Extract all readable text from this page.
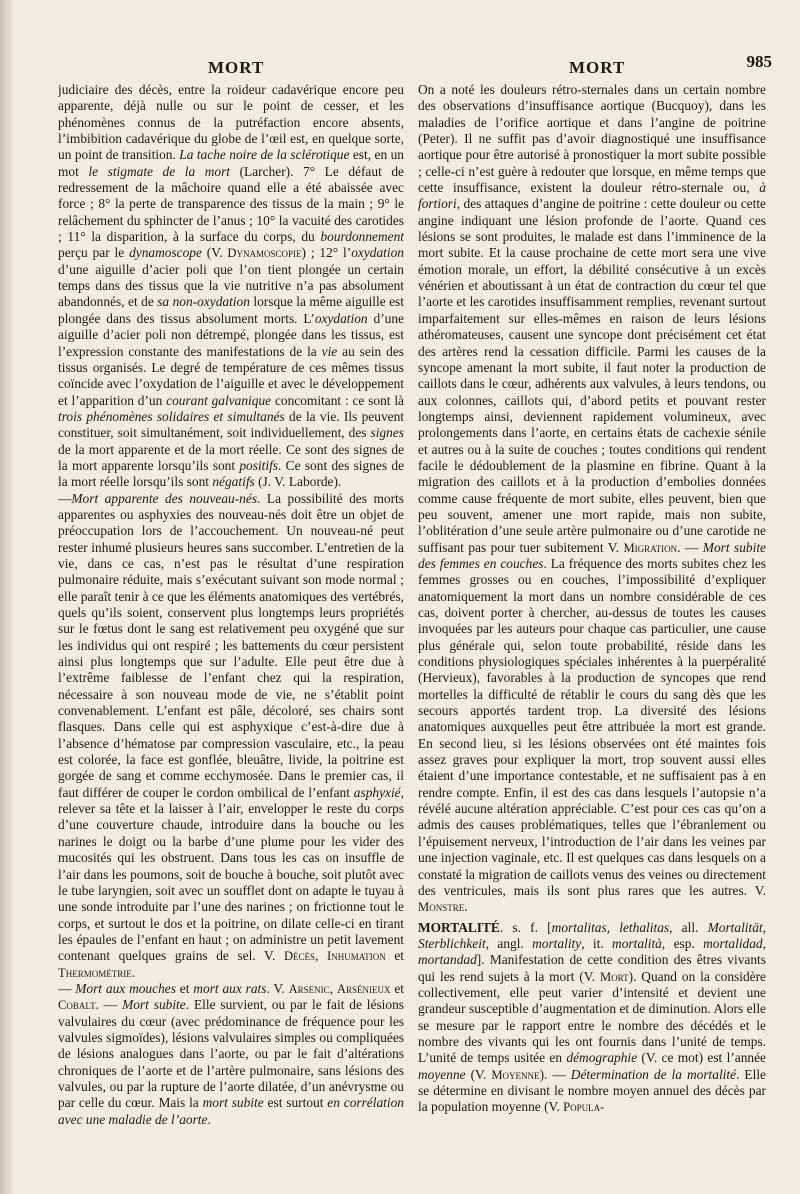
MORT	MORT	985

judiciaire des décès, entre la roideur cadavérique encore peu apparente, déjà nulle ou sur le point de cesser, et les phénomènes connus de la putréfaction encore absents, l’imbibition cadavérique du globe de l’œil est, en quelque sorte, un point de transition. La tache noire de la sclérotique est, en un mot le stigmate de la mort (Larcher). 7° Le défaut de redressement de la mâchoire quand elle a été abaissée avec force ; 8° la perte de transparence des tissus de la main ; 9° le relâchement du sphincter de l’anus ; 10° la vacuité des carotides ; 11° la disparition, à la surface du corps, du bourdonnement perçu par le dynamoscope (V. Dynamoscopie) ; 12° l’oxydation d’une aiguille d’acier poli que l’on tient plongée un certain temps dans des tissus que la vie nutritive n’a pas absolument abandonnés, et de sa non-oxydation lorsque la même aiguille est plongée dans des tissus absolument morts. L’oxydation d’une aiguille d’acier poli non détrempé, plongée dans les tissus, est l’expression constante des manifestations de la vie au sein des tissus organisés. Le degré de température de ces mêmes tissus coïncide avec l’oxydation de l’aiguille et avec le développement et l’apparition d’un courant galvanique concomitant : ce sont là trois phénomènes solidaires et simultanés de la vie. Ils peuvent constituer, soit simultanément, soit individuellement, des signes de la mort apparente et de la mort réelle. Ce sont des signes de la mort apparente lorsqu’ils sont positifs. Ce sont des signes de la mort réelle lorsqu’ils sont négatifs (J. V. Laborde).

—Mort apparente des nouveau-nés. La possibilité des morts apparentes ou asphyxies des nouveau-nés doit être un objet de préoccupation lors de l’accouchement. Un nouveau-né peut rester inhumé plusieurs heures sans succomber. L’entretien de la vie, dans ce cas, n’est pas le résultat d’une respiration pulmonaire réduite, mais s’exécutant suivant son mode normal ; elle paraît tenir à ce que les éléments anatomiques des vertébrés, quels qu’ils soient, conservent plus longtemps leurs propriétés sur le fœtus dont le sang est relativement peu oxygéné que sur les individus qui ont respiré ; les battements du cœur persistent ainsi plus longtemps que sur l’adulte. Elle peut être due à l’extrême faiblesse de l’enfant chez qui la respiration, nécessaire à son nouveau mode de vie, ne s’établit point convenablement. L’enfant est pâle, décoloré, ses chairs sont flasques. Dans celle qui est asphyxique c’est-à-dire due à l’absence d’hématose par compression vasculaire, etc., la peau est colorée, la face est gonflée, bleuâtre, livide, la poitrine est gorgée de sang et comme ecchymosée. Dans le premier cas, il faut différer de couper le cordon ombilical de l’enfant asphyxié, relever sa tête et la laisser à l’air, envelopper le reste du corps d’une couverture chaude, introduire dans la bouche ou les narines le doigt ou la barbe d’une plume pour les vider des mucosités qui les obstruent. Dans tous les cas on insuffle de l’air dans les poumons, soit de bouche à bouche, soit plutôt avec le tube laryngien, soit avec un soufflet dont on adapte le tuyau à une sonde introduite par l’une des narines ; on frictionne tout le corps, et surtout le dos et la poitrine, on dilate celle-ci en tirant les épaules de l’enfant en haut ; on administre un petit lavement contenant quelques grains de sel. V. Décès, Inhumation et Thermométrie.

— Mort aux mouches et mort aux rats. V. Arsenic, Arsénieux et Cobalt. — Mort subite. Elle survient, ou par le fait de lésions valvulaires du cœur (avec prédominance de fréquence pour les valvules sigmoïdes), lésions valvulaires simples ou compliquées de lésions analogues dans l’aorte, ou par le fait d’altérations chroniques de l’aorte et de l’artère pulmonaire, sans lésions des valvules, ou par la rupture de l’aorte dilatée, d’un anévrysme ou par celle du cœur. Mais la mort subite est surtout en corrélation avec une maladie de l’aorte.

On a noté les douleurs rétro-sternales dans un certain nombre des observations d’insuffisance aortique (Bucquoy), dans les maladies de l’orifice aortique et dans l’angine de poitrine (Peter). Il ne suffit pas d’avoir diagnostiqué une insuffisance aortique pour être autorisé à pronostiquer la mort subite possible ; celle-ci n’est guère à redouter que lorsque, en même temps que cette insuffisance, existent la douleur rétro-sternale ou, à fortiori, des attaques d’angine de poitrine : cette douleur ou cette angine indiquant une lésion profonde de l’aorte. Quand ces lésions se sont produites, le malade est dans l’imminence de la mort subite. Et la cause prochaine de cette mort sera une vive émotion morale, un effort, la débilité consécutive à un excès vénérien et aboutissant à un état de contraction du cœur tel que l’aorte et les carotides insuffisamment remplies, revenant surtout imparfaitement sur elles-mêmes en raison de leurs lésions athéromateuses, causent une syncope dont précisément cet état des artères rend la cessation difficile. Parmi les causes de la syncope amenant la mort subite, il faut noter la production de caillots dans le cœur, adhérents aux valvules, à leurs tendons, ou aux colonnes, caillots qui, d’abord petits et pouvant rester longtemps ainsi, deviennent rapidement volumineux, avec prolongements dans l’aorte, en certains états de cachexie sénile et autres ou à la suite de couches ; toutes conditions qui rendent facile le dédoublement de la plasmine en fibrine. Quant à la migration des caillots et à la production d’embolies données comme cause fréquente de mort subite, elles peuvent, bien que peu souvent, amener une mort rapide, mais non subite, l’oblitération d’une seule artère pulmonaire ou d’une carotide ne suffisant pas pour tuer subitement V. Migration. — Mort subite des femmes en couches. La fréquence des morts subites chez les femmes grosses ou en couches, l’impossibilité d’expliquer anatomiquement la mort dans un nombre considérable de ces cas, doivent porter à chercher, au-dessus de toutes les causes invoquées par les auteurs pour chaque cas particulier, une cause plus générale qui, selon toute probabilité, réside dans les conditions physiologiques spéciales inhérentes à la puerpéralité (Hervieux), favorables à la production de syncopes que rend mortelles la difficulté de rétablir le cours du sang dès que les secours apportés tardent trop. La diversité des lésions anatomiques auxquelles peut être attribuée la mort est grande. En second lieu, si les lésions observées ont été maintes fois assez graves pour expliquer la mort, trop souvent aussi elles étaient d’une importance contestable, et ne suffisaient pas à en rendre compte. Enfin, il est des cas dans lesquels l’autopsie n’a révélé aucune altération appréciable. C’est pour ces cas qu’on a admis des causes problématiques, telles que l’ébranlement ou l’épuisement nerveux, l’introduction de l’air dans les veines par une injection vaginale, etc. Il est quelques cas dans lesquels on a constaté la migration de caillots venus des veines ou directement des ventricules, mais ils sont plus rares que les autres. V. Monstre.

MORTALITÉ. s. f. [mortalitas, lethalitas, all. Mortalität, Sterblichkeit, angl. mortality, it. mortalità, esp. mortalidad, mortandad]. Manifestation de cette condition des êtres vivants qui les rend sujets à la mort (V. Mort). Quand on la considère collectivement, elle peut varier d’intensité et devient une grandeur susceptible d’augmentation et de diminution. Alors elle se mesure par le rapport entre le nombre des décédés et le nombre des vivants qui les ont fournis dans l’unité de temps. L’unité de temps usitée en démographie (V. ce mot) est l’année moyenne (V. Moyenne). — Détermination de la mortalité. Elle se détermine en divisant le nombre moyen annuel des décès par la population moyenne (V. Popula-
